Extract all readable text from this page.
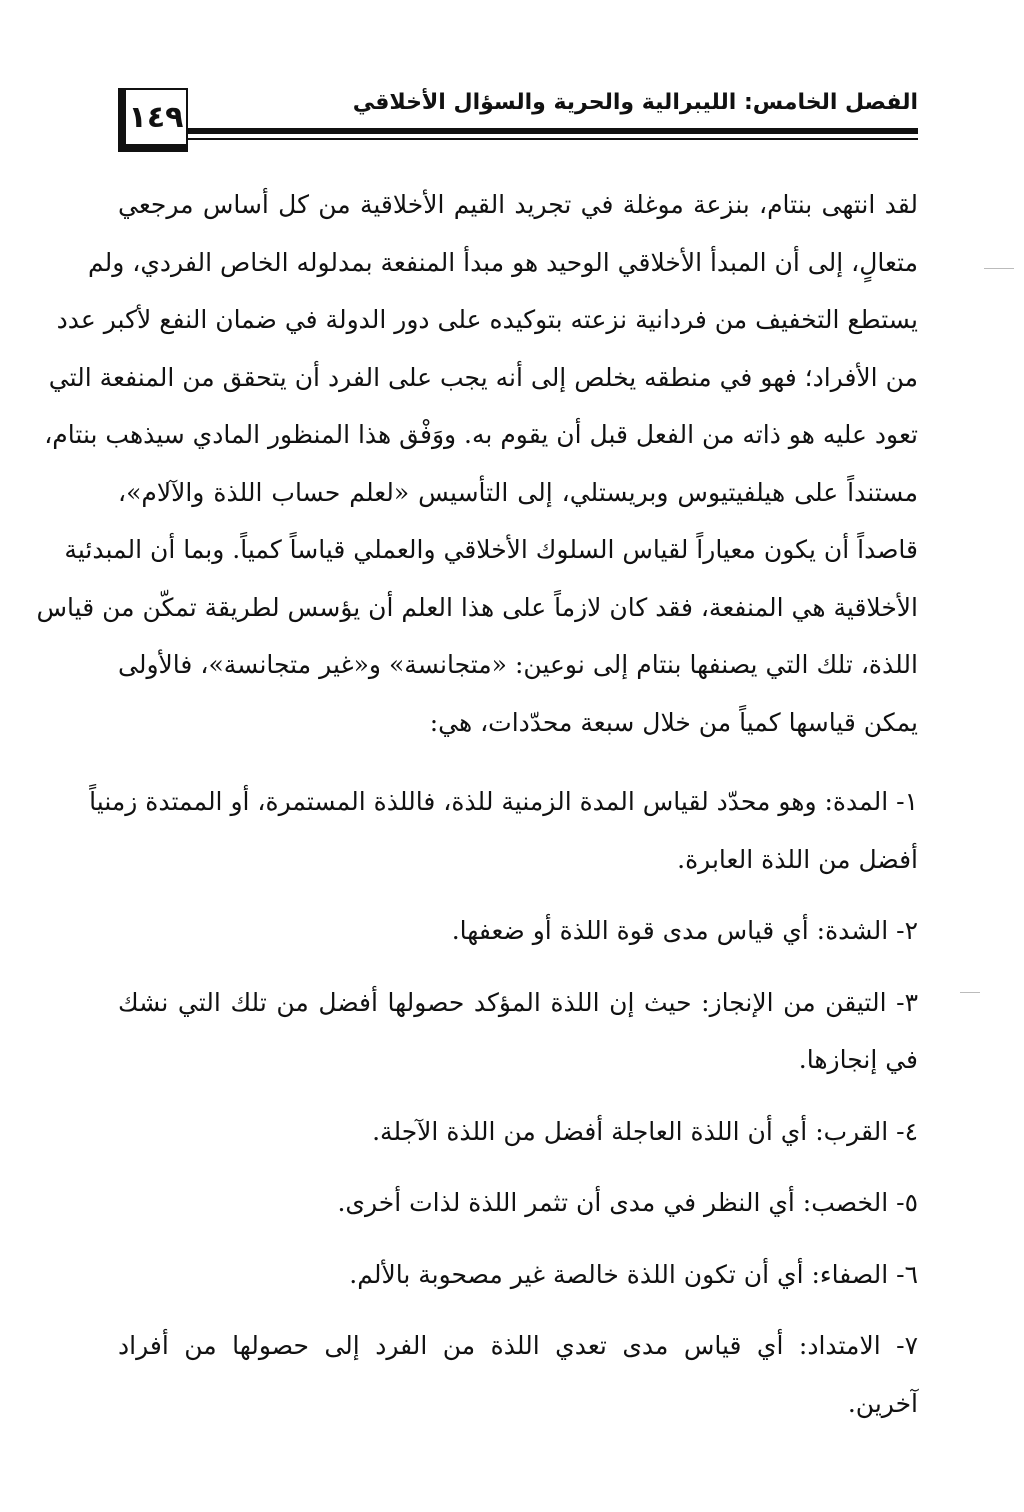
١٤٩	الفصل الخامس: الليبرالية والحرية والسؤال الأخلاقي

لقد انتهى بنتام، بنزعة موغلة في تجريد القيم الأخلاقية من كل أساس مرجعي

متعالٍ، إلى أن المبدأ الأخلاقي الوحيد هو مبدأ المنفعة بمدلوله الخاص الفردي، ولم

يستطع التخفيف من فردانية نزعته بتوكيده على دور الدولة في ضمان النفع لأكبر عدد

من الأفراد؛ فهو في منطقه يخلص إلى أنه يجب على الفرد أن يتحقق من المنفعة التي

تعود عليه هو ذاته من الفعل قبل أن يقوم به. ووَفْق هذا المنظور المادي سيذهب بنتام،

مستنداً على هيلفيتيوس وبريستلي، إلى التأسيس «لعلم حساب اللذة والآلام»،

قاصداً أن يكون معياراً لقياس السلوك الأخلاقي والعملي قياساً كمياً. وبما أن المبدئية

الأخلاقية هي المنفعة، فقد كان لازماً على هذا العلم أن يؤسس لطريقة تمكّن من قياس

اللذة، تلك التي يصنفها بنتام إلى نوعين: «متجانسة» و«غير متجانسة»، فالأولى

يمكن قياسها كمياً من خلال سبعة محدّدات، هي:

١- المدة: وهو محدّد لقياس المدة الزمنية للذة، فاللذة المستمرة، أو الممتدة زمنياً

أفضل من اللذة العابرة.

٢- الشدة: أي قياس مدى قوة اللذة أو ضعفها.

٣- التيقن من الإنجاز: حيث إن اللذة المؤكد حصولها أفضل من تلك التي نشك

في إنجازها.

٤- القرب: أي أن اللذة العاجلة أفضل من اللذة الآجلة.

٥- الخصب: أي النظر في مدى أن تثمر اللذة لذات أخرى.

٦- الصفاء: أي أن تكون اللذة خالصة غير مصحوبة بالألم.

٧- الامتداد: أي قياس مدى تعدي اللذة من الفرد إلى حصولها من أفراد

آخرين.
